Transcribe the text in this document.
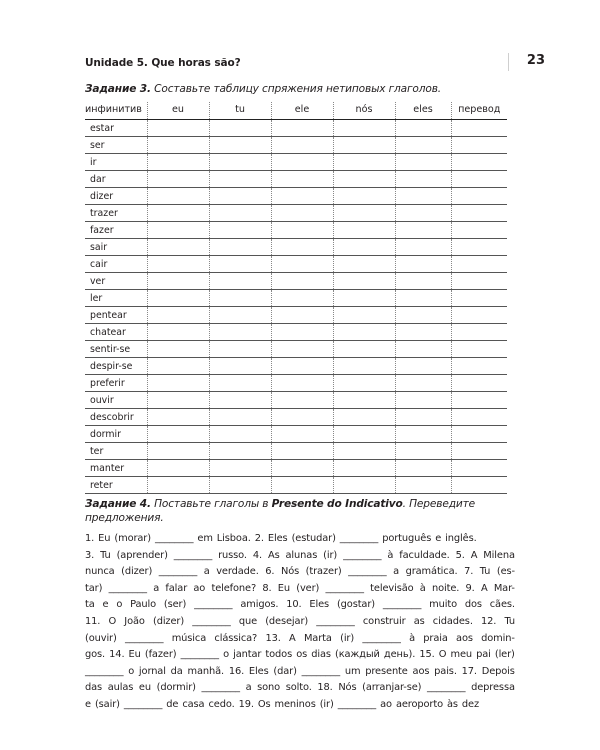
Unidade 5. Que horas são?	23
Задание 3. Составьте таблицу спряжения нетиповых глаголов.
инфинитив	eu	tu	ele	nós	eles	перевод
estar						
ser						
ir						
dar						
dizer						
trazer						
fazer						
sair						
cair						
ver						
ler						
pentear						
chatear						
sentir-se						
despir-se						
preferir						
ouvir						
descobrir						
dormir						
ter						
manter						
reter						
Задание 4. Поставьте глаголы в Presente do Indicativo. Переведите
предложения.
1. Eu (morar) ________ em Lisboa. 2. Eles (estudar) ________ português e inglês.
3. Tu (aprender) ________ russo. 4. As alunas (ir) ________ à faculdade. 5. A Milena
nunca (dizer) ________ a verdade. 6. Nós (trazer) ________ a gramática. 7. Tu (es-
tar) ________ a falar ao telefone? 8. Eu (ver) ________ televisão à noite. 9. A Mar-
ta e o Paulo (ser) ________ amigos. 10. Eles (gostar) ________ muito dos cães.
11. O João (dizer) ________ que (desejar) ________ construir as cidades. 12. Tu
(ouvir) ________ música clássica? 13. A Marta (ir) ________ à praia aos domin-
gos. 14. Eu (fazer) ________ o jantar todos os dias (каждый день). 15. O meu pai (ler)
________ o jornal da manhã. 16. Eles (dar) ________ um presente aos pais. 17. Depois
das aulas eu (dormir) ________ a sono solto. 18. Nós (arranjar-se) ________ depressa
e (sair) ________ de casa cedo. 19. Os meninos (ir) ________ ao aeroporto às dez
